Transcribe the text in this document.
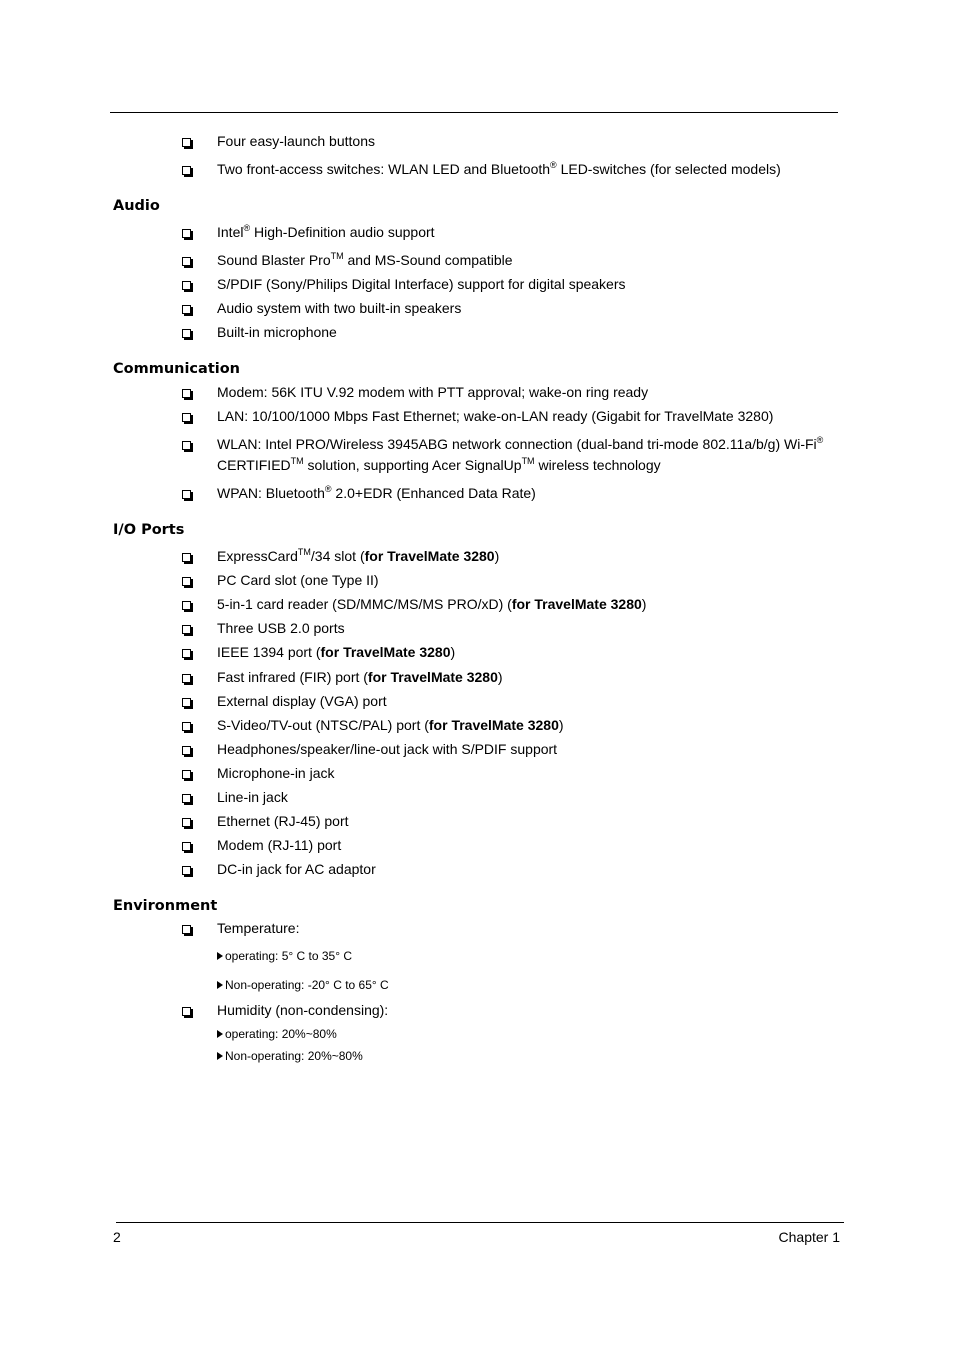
Four easy-launch buttons
Two front-access switches: WLAN LED and Bluetooth® LED-switches (for selected models)
Audio
Intel® High-Definition audio support
Sound Blaster Pro™ and MS-Sound compatible
S/PDIF (Sony/Philips Digital Interface) support for digital speakers
Audio system with two built-in speakers
Built-in microphone
Communication
Modem: 56K ITU V.92 modem with PTT approval; wake-on ring ready
LAN: 10/100/1000 Mbps Fast Ethernet; wake-on-LAN ready (Gigabit for TravelMate 3280)
WLAN: Intel PRO/Wireless 3945ABG network connection (dual-band tri-mode 802.11a/b/g) Wi-Fi®
CERTIFIED™ solution, supporting Acer SignalUp™ wireless technology
WPAN: Bluetooth® 2.0+EDR (Enhanced Data Rate)
I/O Ports
ExpressCard™/34 slot (for TravelMate 3280)
PC Card slot (one Type II)
5-in-1 card reader (SD/MMC/MS/MS PRO/xD) (for TravelMate 3280)
Three USB 2.0 ports
IEEE 1394 port (for TravelMate 3280)
Fast infrared (FIR) port (for TravelMate 3280)
External display (VGA) port
S-Video/TV-out (NTSC/PAL) port (for TravelMate 3280)
Headphones/speaker/line-out jack with S/PDIF support
Microphone-in jack
Line-in jack
Ethernet (RJ-45) port
Modem (RJ-11) port
DC-in jack for AC adaptor
Environment
Temperature:
operating: 5° C to 35° C
Non-operating: -20° C to 65° C
Humidity (non-condensing):
operating: 20%~80%
Non-operating: 20%~80%
2	Chapter 1
